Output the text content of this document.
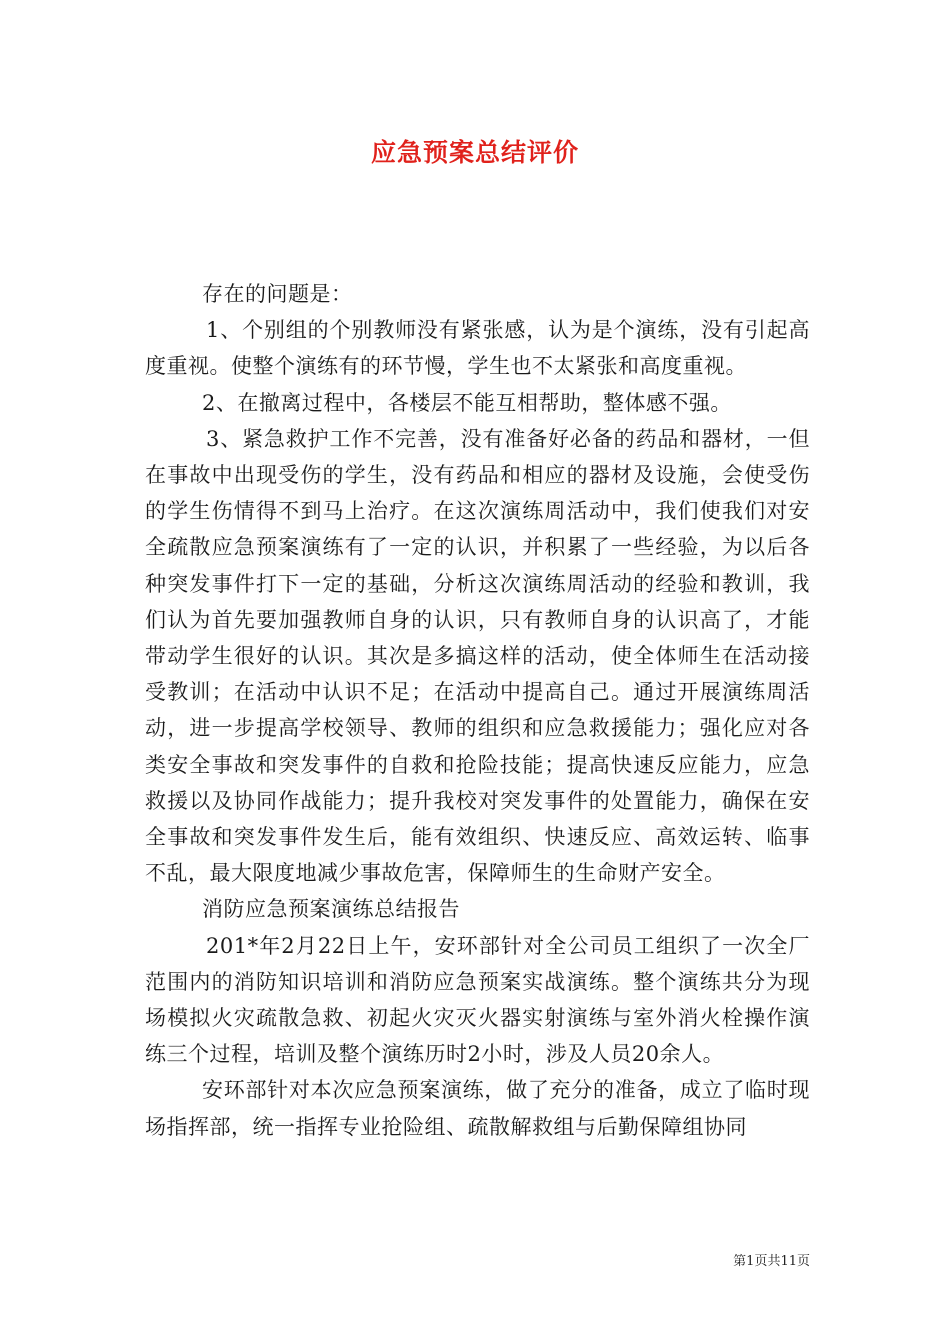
应急预案总结评价

存在的问题是：

1、个别组的个别教师没有紧张感，认为是个演练，没有引起高度重视。使整个演练有的环节慢，学生也不太紧张和高度重视。

2、在撤离过程中，各楼层不能互相帮助，整体感不强。

3、紧急救护工作不完善，没有准备好必备的药品和器材，一但在事故中出现受伤的学生，没有药品和相应的器材及设施，会使受伤的学生伤情得不到马上治疗。在这次演练周活动中，我们使我们对安全疏散应急预案演练有了一定的认识，并积累了一些经验，为以后各种突发事件打下一定的基础，分析这次演练周活动的经验和教训，我们认为首先要加强教师自身的认识，只有教师自身的认识高了，才能带动学生很好的认识。其次是多搞这样的活动，使全体师生在活动接受教训；在活动中认识不足；在活动中提高自己。通过开展演练周活动，进一步提高学校领导、教师的组织和应急救援能力；强化应对各类安全事故和突发事件的自救和抢险技能；提高快速反应能力，应急救援以及协同作战能力；提升我校对突发事件的处置能力，确保在安全事故和突发事件发生后，能有效组织、快速反应、高效运转、临事不乱，最大限度地减少事故危害，保障师生的生命财产安全。

消防应急预案演练总结报告

201*年2月22日上午，安环部针对全公司员工组织了一次全厂范围内的消防知识培训和消防应急预案实战演练。整个演练共分为现场模拟火灾疏散急救、初起火灾灭火器实射演练与室外消火栓操作演练三个过程，培训及整个演练历时2小时，涉及人员20余人。

安环部针对本次应急预案演练，做了充分的准备，成立了临时现场指挥部，统一指挥专业抢险组、疏散解救组与后勤保障组协同

第1页共11页
